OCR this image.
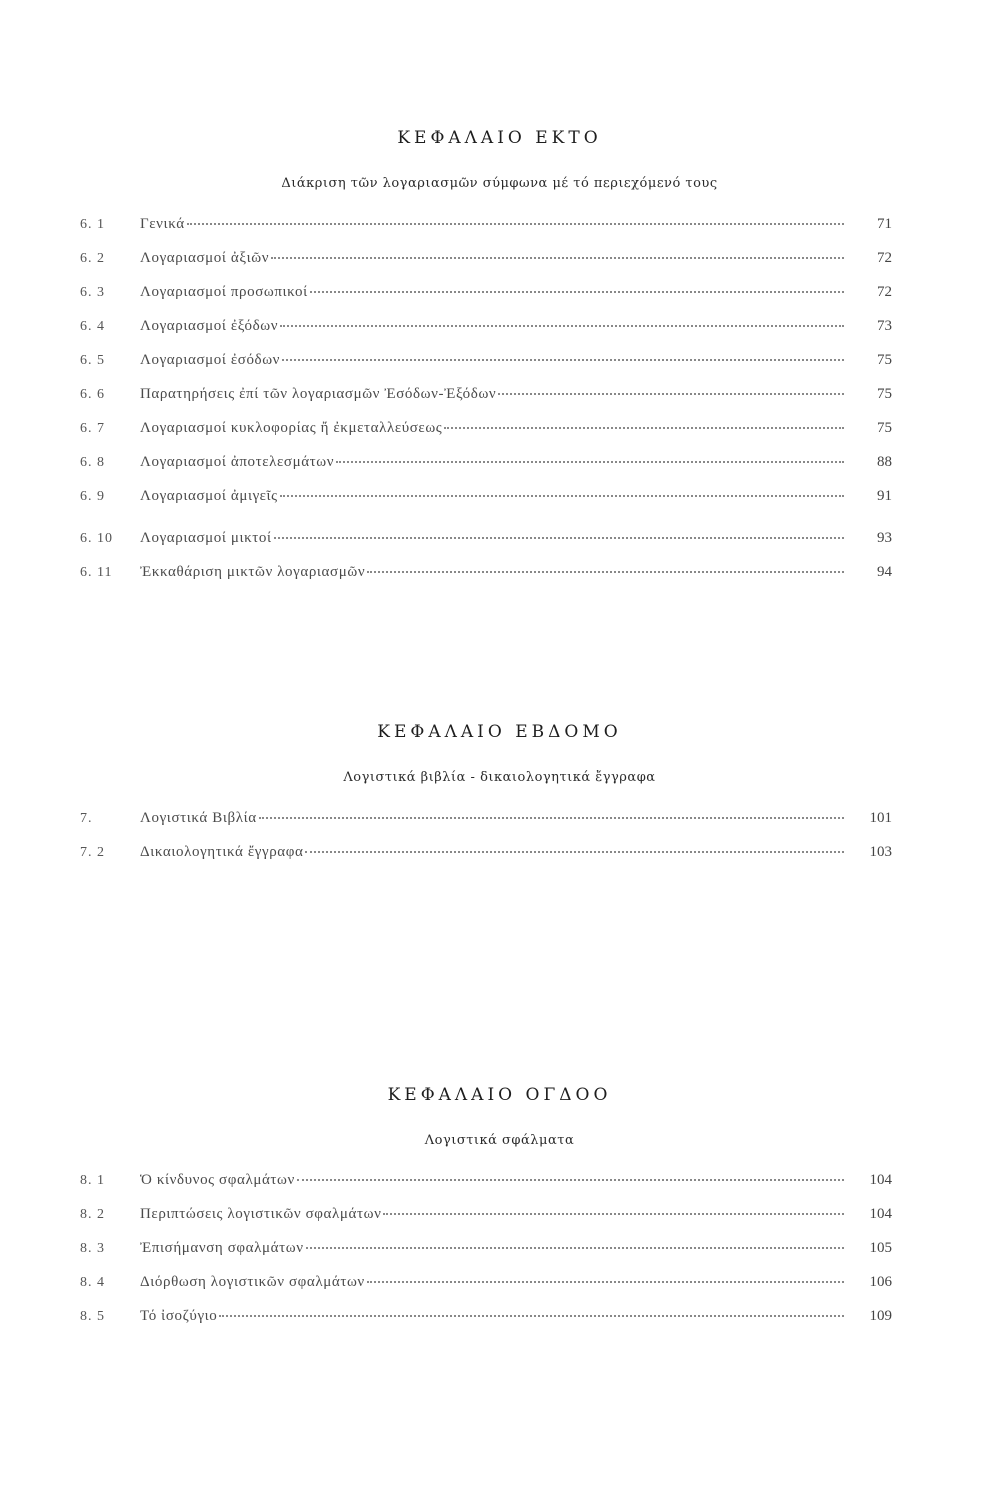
ΚΕΦΑΛΑΙΟ ΕΚΤΟ
Διάκριση τῶν λογαριασμῶν σύμφωνα μέ τό περιεχόμενό τους
6. 1	Γενικά	71
6. 2	Λογαριασμοί ἀξιῶν	72
6. 3	Λογαριασμοί προσωπικοί	72
6. 4	Λογαριασμοί ἐξόδων	73
6. 5	Λογαριασμοί ἐσόδων	75
6. 6	Παρατηρήσεις ἐπί τῶν λογαριασμῶν Ἐσόδων-Ἐξόδων	75
6. 7	Λογαριασμοί κυκλοφορίας ἤ ἐκμεταλλεύσεως	75
6. 8	Λογαριασμοί ἀποτελεσμάτων	88
6. 9	Λογαριασμοί ἀμιγεῖς	91
6. 10	Λογαριασμοί μικτοί	93
6. 11	Ἐκκαθάριση μικτῶν λογαριασμῶν	94
ΚΕΦΑΛΑΙΟ ΕΒΔΟΜΟ
Λογιστικά βιβλία - δικαιολογητικά ἔγγραφα
7.	Λογιστικά Βιβλία	101
7. 2	Δικαιολογητικά ἔγγραφα	103
ΚΕΦΑΛΑΙΟ ΟΓΔΟΟ
Λογιστικά σφάλματα
8. 1	Ὁ κίνδυνος σφαλμάτων	104
8. 2	Περιπτώσεις λογιστικῶν σφαλμάτων	104
8. 3	Ἐπισήμανση σφαλμάτων	105
8. 4	Διόρθωση λογιστικῶν σφαλμάτων	106
8. 5	Τό ἰσοζύγιο	109
